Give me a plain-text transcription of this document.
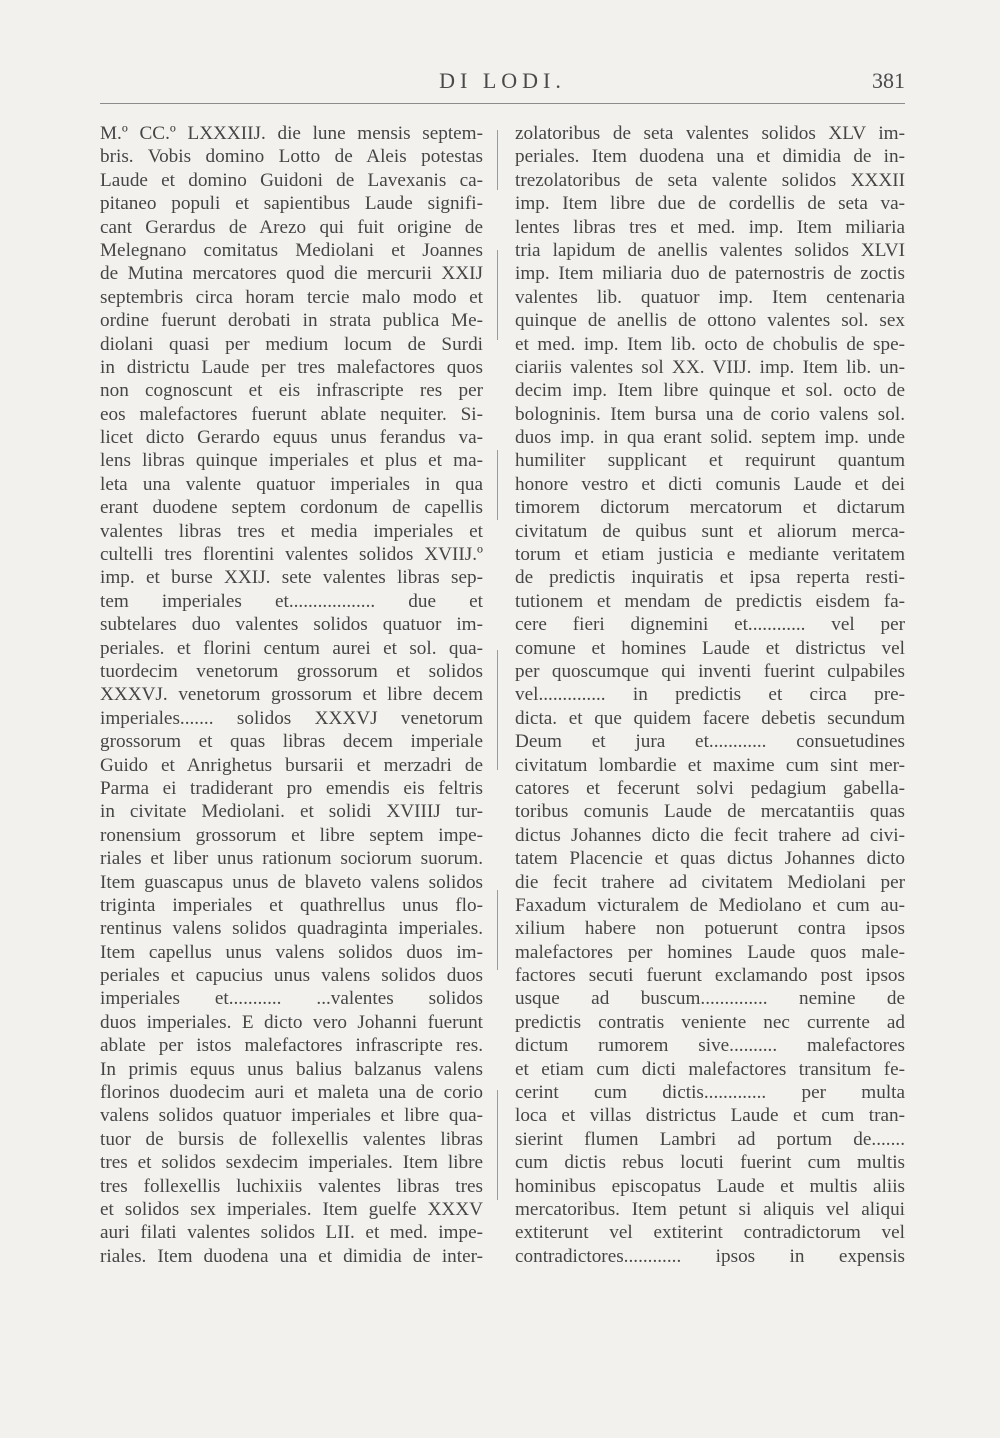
DI LODI.	381
M.º CC.º LXXXIIJ. die lune mensis septem-
bris. Vobis domino Lotto de Aleis potestas
Laude et domino Guidoni de Lavexanis ca-
pitaneo populi et sapientibus Laude signifi-
cant Gerardus de Arezo qui fuit origine de
Melegnano comitatus Mediolani et Joannes
de Mutina mercatores quod die mercurii XXIJ
septembris circa horam tercie malo modo et
ordine fuerunt derobati in strata publica Me-
diolani quasi per medium locum de Surdi
in districtu Laude per tres malefactores quos
non cognoscunt et eis infrascripte res per
eos malefactores fuerunt ablate nequiter. Si-
licet dicto Gerardo equus unus ferandus va-
lens libras quinque imperiales et plus et ma-
leta una valente quatuor imperiales in qua
erant duodene septem cordonum de capellis
valentes libras tres et media imperiales et
cultelli tres florentini valentes solidos XVIIJ.º
imp. et burse XXIJ. sete valentes libras sep-
tem imperiales et.................. due et
subtelares duo valentes solidos quatuor im-
periales. et florini centum aurei et sol. qua-
tuordecim venetorum grossorum et solidos
XXXVJ. venetorum grossorum et libre decem
imperiales....... solidos XXXVJ venetorum
grossorum et quas libras decem imperiale
Guido et Anrighetus bursarii et merzadri de
Parma ei tradiderant pro emendis eis feltris
in civitate Mediolani. et solidi XVIIIJ tur-
ronensium grossorum et libre septem impe-
riales et liber unus rationum sociorum suorum.
Item guascapus unus de blaveto valens solidos
triginta imperiales et quathrellus unus flo-
rentinus valens solidos quadraginta imperiales.
Item capellus unus valens solidos duos im-
periales et capucius unus valens solidos duos
imperiales et........... ...valentes solidos
duos imperiales. E dicto vero Johanni fuerunt
ablate per istos malefactores infrascripte res.
In primis equus unus balius balzanus valens
florinos duodecim auri et maleta una de corio
valens solidos quatuor imperiales et libre qua-
tuor de bursis de follexellis valentes libras
tres et solidos sexdecim imperiales. Item libre
tres follexellis luchixiis valentes libras tres
et solidos sex imperiales. Item guelfe XXXV
auri filati valentes solidos LII. et med. impe-
riales. Item duodena una et dimidia de inter-
zolatoribus de seta valentes solidos XLV im-
periales. Item duodena una et dimidia de in-
trezolatoribus de seta valente solidos XXXII
imp. Item libre due de cordellis de seta va-
lentes libras tres et med. imp. Item miliaria
tria lapidum de anellis valentes solidos XLVI
imp. Item miliaria duo de paternostris de zoctis
valentes lib. quatuor imp. Item centenaria
quinque de anellis de ottono valentes sol. sex
et med. imp. Item lib. octo de chobulis de spe-
ciariis valentes sol XX. VIIJ. imp. Item lib. un-
decim imp. Item libre quinque et sol. octo de
bologninis. Item bursa una de corio valens sol.
duos imp. in qua erant solid. septem imp. unde
humiliter supplicant et requirunt quantum
honore vestro et dicti comunis Laude et dei
timorem dictorum mercatorum et dictarum
civitatum de quibus sunt et aliorum merca-
torum et etiam justicia e mediante veritatem
de predictis inquiratis et ipsa reperta resti-
tutionem et mendam de predictis eisdem fa-
cere fieri dignemini et............ vel per
comune et homines Laude et districtus vel
per quoscumque qui inventi fuerint culpabiles
vel.............. in predictis et circa pre-
dicta. et que quidem facere debetis secundum
Deum et jura et............ consuetudines
civitatum lombardie et maxime cum sint mer-
catores et fecerunt solvi pedagium gabella-
toribus comunis Laude de mercatantiis quas
dictus Johannes dicto die fecit trahere ad civi-
tatem Placencie et quas dictus Johannes dicto
die fecit trahere ad civitatem Mediolani per
Faxadum victuralem de Mediolano et cum au-
xilium habere non potuerunt contra ipsos
malefactores per homines Laude quos male-
factores secuti fuerunt exclamando post ipsos
usque ad buscum.............. nemine de
predictis contratis veniente nec currente ad
dictum rumorem sive.......... malefactores
et etiam cum dicti malefactores transitum fe-
cerint cum dictis............. per multa
loca et villas districtus Laude et cum tran-
sierint flumen Lambri ad portum de.......
cum dictis rebus locuti fuerint cum multis
hominibus episcopatus Laude et multis aliis
mercatoribus. Item petunt si aliquis vel aliqui
extiterunt vel extiterint contradictorum vel
contradictores............ ipsos in expensis
